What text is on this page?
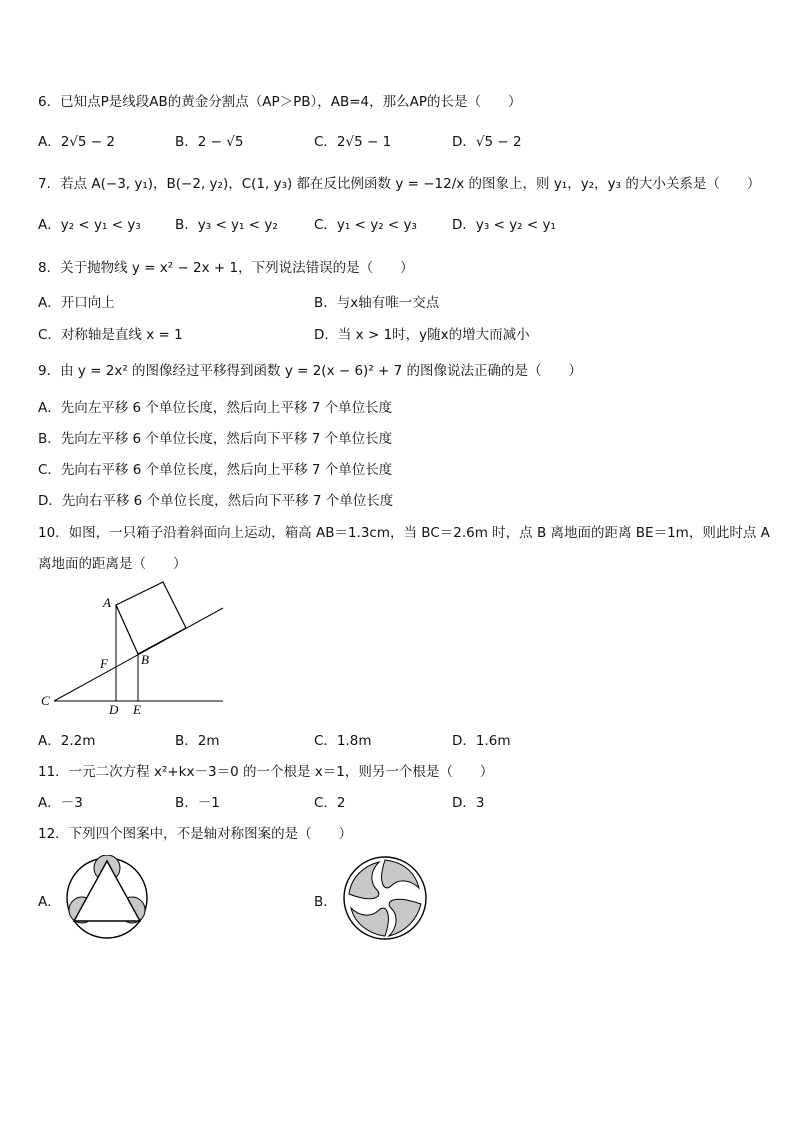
6．已知点P是线段AB的黄金分割点（AP＞PB），AB=4，那么AP的长是（　　）
A．2√5 − 2	B．2 − √5	C．2√5 − 1	D．√5 − 2
7．若点 A(−3, y₁)，B(−2, y₂)，C(1, y₃) 都在反比例函数 y = −12/x 的图象上，则 y₁，y₂，y₃ 的大小关系是（　　）
A．y₂ < y₁ < y₃	B．y₃ < y₁ < y₂	C．y₁ < y₂ < y₃	D．y₃ < y₂ < y₁
8．关于抛物线 y = x² − 2x + 1，下列说法错误的是（　　）
A．开口向上	B．与x轴有唯一交点
C．对称轴是直线 x = 1	D．当 x > 1时，y随x的增大而减小
9．由 y = 2x² 的图像经过平移得到函数 y = 2(x − 6)² + 7 的图像说法正确的是（　　）
A．先向左平移 6 个单位长度，然后向上平移 7 个单位长度
B．先向左平移 6 个单位长度，然后向下平移 7 个单位长度
C．先向右平移 6 个单位长度，然后向上平移 7 个单位长度
D．先向右平移 6 个单位长度，然后向下平移 7 个单位长度
10．如图，一只箱子沿着斜面向上运动，箱高 AB＝1.3cm，当 BC＝2.6m 时，点 B 离地面的距离 BE＝1m，则此时点 A
离地面的距离是（　　）
A
B
C
D E
F
A．2.2m	B．2m	C．1.8m	D．1.6m
11．一元二次方程 x²+kx－3＝0 的一个根是 x＝1，则另一个根是（　　）
A．－3	B．－1	C．2	D．3
12．下列四个图案中，不是轴对称图案的是（　　）
A．	B．
